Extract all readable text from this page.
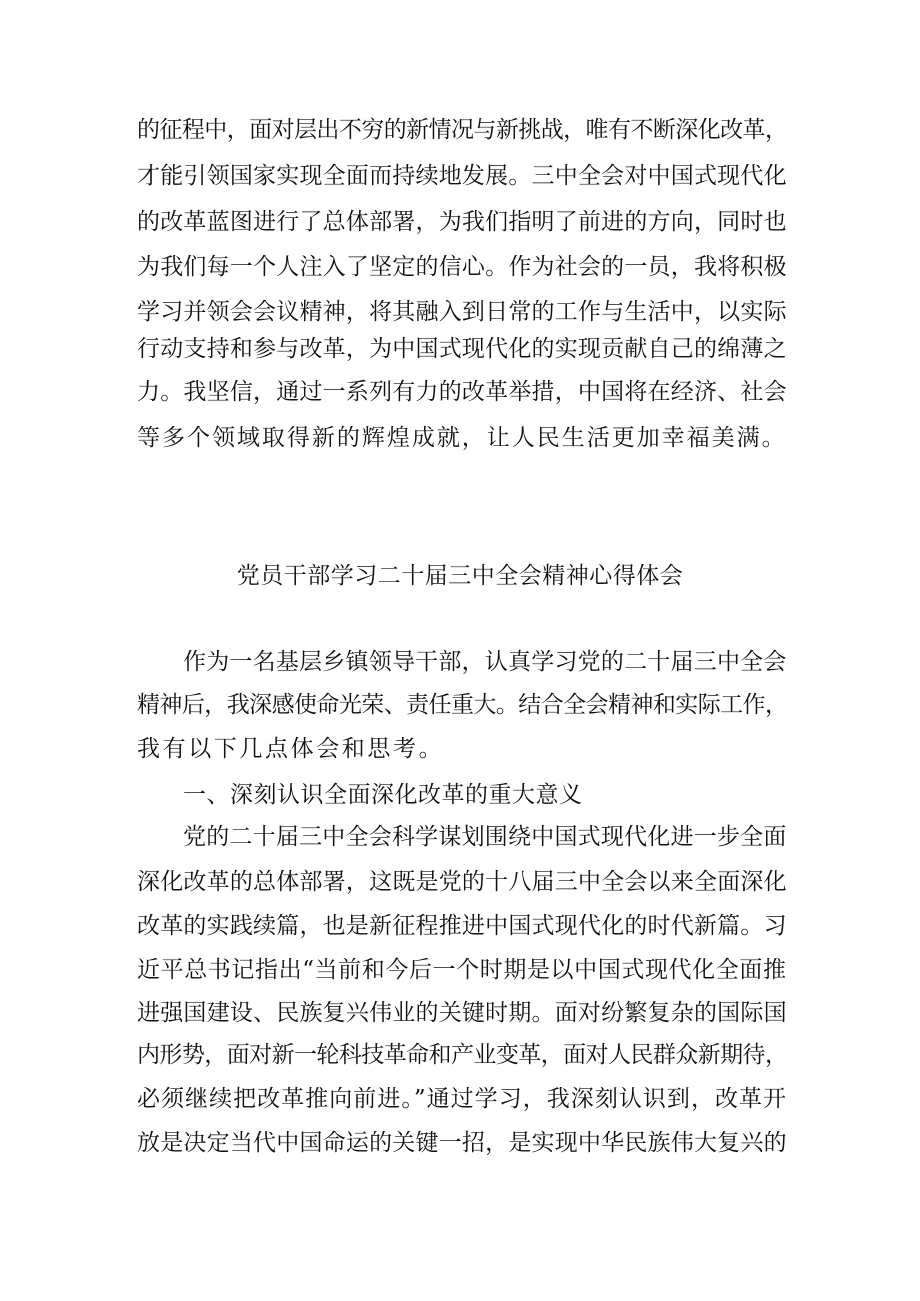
的征程中，面对层出不穷的新情况与新挑战，唯有不断深化改革，
才能引领国家实现全面而持续地发展。三中全会对中国式现代化
的改革蓝图进行了总体部署，为我们指明了前进的方向，同时也
为我们每一个人注入了坚定的信心。作为社会的一员，我将积极
学习并领会会议精神，将其融入到日常的工作与生活中，以实际
行动支持和参与改革，为中国式现代化的实现贡献自己的绵薄之
力。我坚信，通过一系列有力的改革举措，中国将在经济、社会
等多个领域取得新的辉煌成就，让人民生活更加幸福美满。
党员干部学习二十届三中全会精神心得体会
作为一名基层乡镇领导干部，认真学习党的二十届三中全会
精神后，我深感使命光荣、责任重大。结合全会精神和实际工作，
我有以下几点体会和思考。
一、深刻认识全面深化改革的重大意义
党的二十届三中全会科学谋划围绕中国式现代化进一步全面
深化改革的总体部署，这既是党的十八届三中全会以来全面深化
改革的实践续篇，也是新征程推进中国式现代化的时代新篇。习
近平总书记指出“当前和今后一个时期是以中国式现代化全面推
进强国建设、民族复兴伟业的关键时期。面对纷繁复杂的国际国
内形势，面对新一轮科技革命和产业变革，面对人民群众新期待，
必须继续把改革推向前进。”通过学习，我深刻认识到，改革开
放是决定当代中国命运的关键一招，是实现中华民族伟大复兴的
